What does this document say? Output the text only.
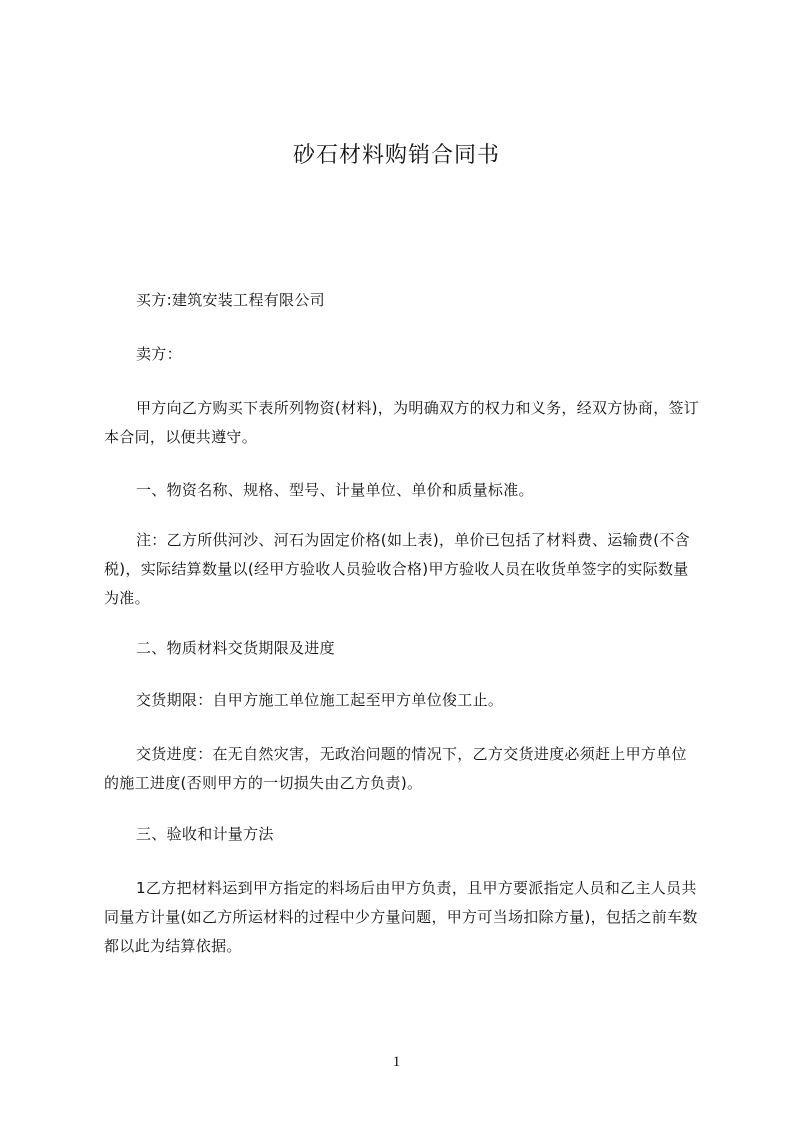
砂石材料购销合同书
买方:建筑安装工程有限公司
卖方：
甲方向乙方购买下表所列物资(材料)，为明确双方的权力和义务，经双方协商，签订本合同，以便共遵守。
一、物资名称、规格、型号、计量单位、单价和质量标准。
注：乙方所供河沙、河石为固定价格(如上表)，单价已包括了材料费、运输费(不含税)，实际结算数量以(经甲方验收人员验收合格)甲方验收人员在收货单签字的实际数量为准。
二、物质材料交货期限及进度
交货期限：自甲方施工单位施工起至甲方单位俊工止。
交货进度：在无自然灾害，无政治问题的情况下，乙方交货进度必须赶上甲方单位的施工进度(否则甲方的一切损失由乙方负责)。
三、验收和计量方法
1乙方把材料运到甲方指定的料场后由甲方负责，且甲方要派指定人员和乙主人员共同量方计量(如乙方所运材料的过程中少方量问题，甲方可当场扣除方量)，包括之前车数都以此为结算依据。
1
